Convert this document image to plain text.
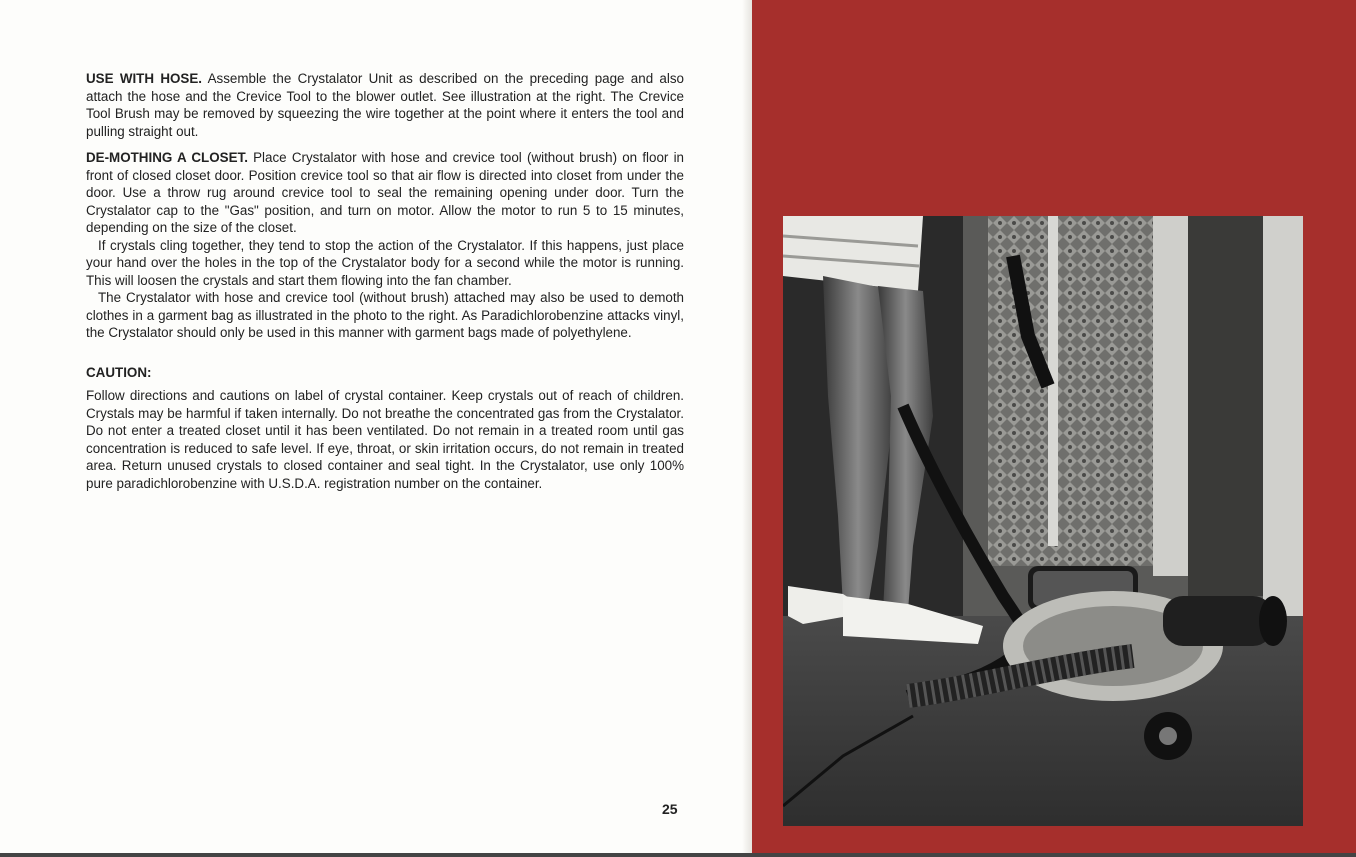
USE WITH HOSE. Assemble the Crystalator Unit as described on the preceding page and also attach the hose and the Crevice Tool to the blower outlet. See illustration at the right. The Crevice Tool Brush may be removed by squeezing the wire together at the point where it enters the tool and pulling straight out.

DE-MOTHING A CLOSET. Place Crystalator with hose and crevice tool (without brush) on floor in front of closed closet door. Position crevice tool so that air flow is directed into closet from under the door. Use a throw rug around crevice tool to seal the remaining opening under door. Turn the Crystalator cap to the "Gas" position, and turn on motor. Allow the motor to run 5 to 15 minutes, depending on the size of the closet.

If crystals cling together, they tend to stop the action of the Crystalator. If this happens, just place your hand over the holes in the top of the Crystalator body for a second while the motor is running. This will loosen the crystals and start them flowing into the fan chamber.

The Crystalator with hose and crevice tool (without brush) attached may also be used to demoth clothes in a garment bag as illustrated in the photo to the right. As Paradichlorobenzine attacks vinyl, the Crystalator should only be used in this manner with garment bags made of polyethylene.

CAUTION:

Follow directions and cautions on label of crystal container. Keep crystals out of reach of children. Crystals may be harmful if taken internally. Do not breathe the concentrated gas from the Crystalator. Do not enter a treated closet until it has been ventilated. Do not remain in a treated room until gas concentration is reduced to safe level. If eye, throat, or skin irritation occurs, do not remain in treated area. Return unused crystals to closed container and seal tight. In the Crystalator, use only 100% pure paradichlorobenzine with U.S.D.A. registration number on the container.

25
